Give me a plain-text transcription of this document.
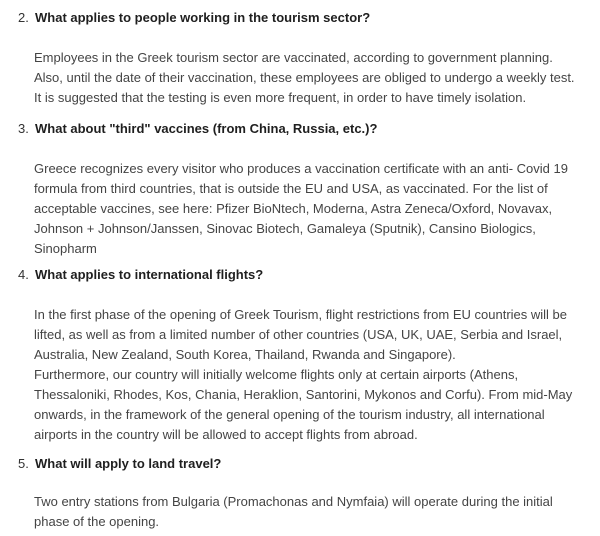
2. What applies to people working in the tourism sector?

Employees in the Greek tourism sector are vaccinated, according to government planning.

Also, until the date of their vaccination, these employees are obliged to undergo a weekly test.

It is suggested that the testing is even more frequent, in order to have timely isolation.

3. What about "third" vaccines (from China, Russia, etc.)?

Greece recognizes every visitor who produces a vaccination certificate with an anti- Covid 19

formula from third countries, that is outside the EU and USA, as vaccinated. For the list of

acceptable vaccines, see here: Pfizer BioNtech, Moderna, Astra Zeneca/Oxford, Novavax,

Johnson + Johnson/Janssen, Sinovac Biotech, Gamaleya (Sputnik), Cansino Biologics,

Sinopharm

4. What applies to international flights?

In the first phase of the opening of Greek Tourism, flight restrictions from EU countries will be

lifted, as well as from a limited number of other countries (USA, UK, UAE, Serbia and Israel,

Australia, New Zealand, South Korea, Thailand, Rwanda and Singapore).

Furthermore, our country will initially welcome flights only at certain airports (Athens,

Thessaloniki, Rhodes, Kos, Chania, Heraklion, Santorini, Mykonos and Corfu). From mid-May

onwards, in the framework of the general opening of the tourism industry, all international

airports in the country will be allowed to accept flights from abroad.

5. What will apply to land travel?

Two entry stations from Bulgaria (Promachonas and Nymfaia) will operate during the initial

phase of the opening.
